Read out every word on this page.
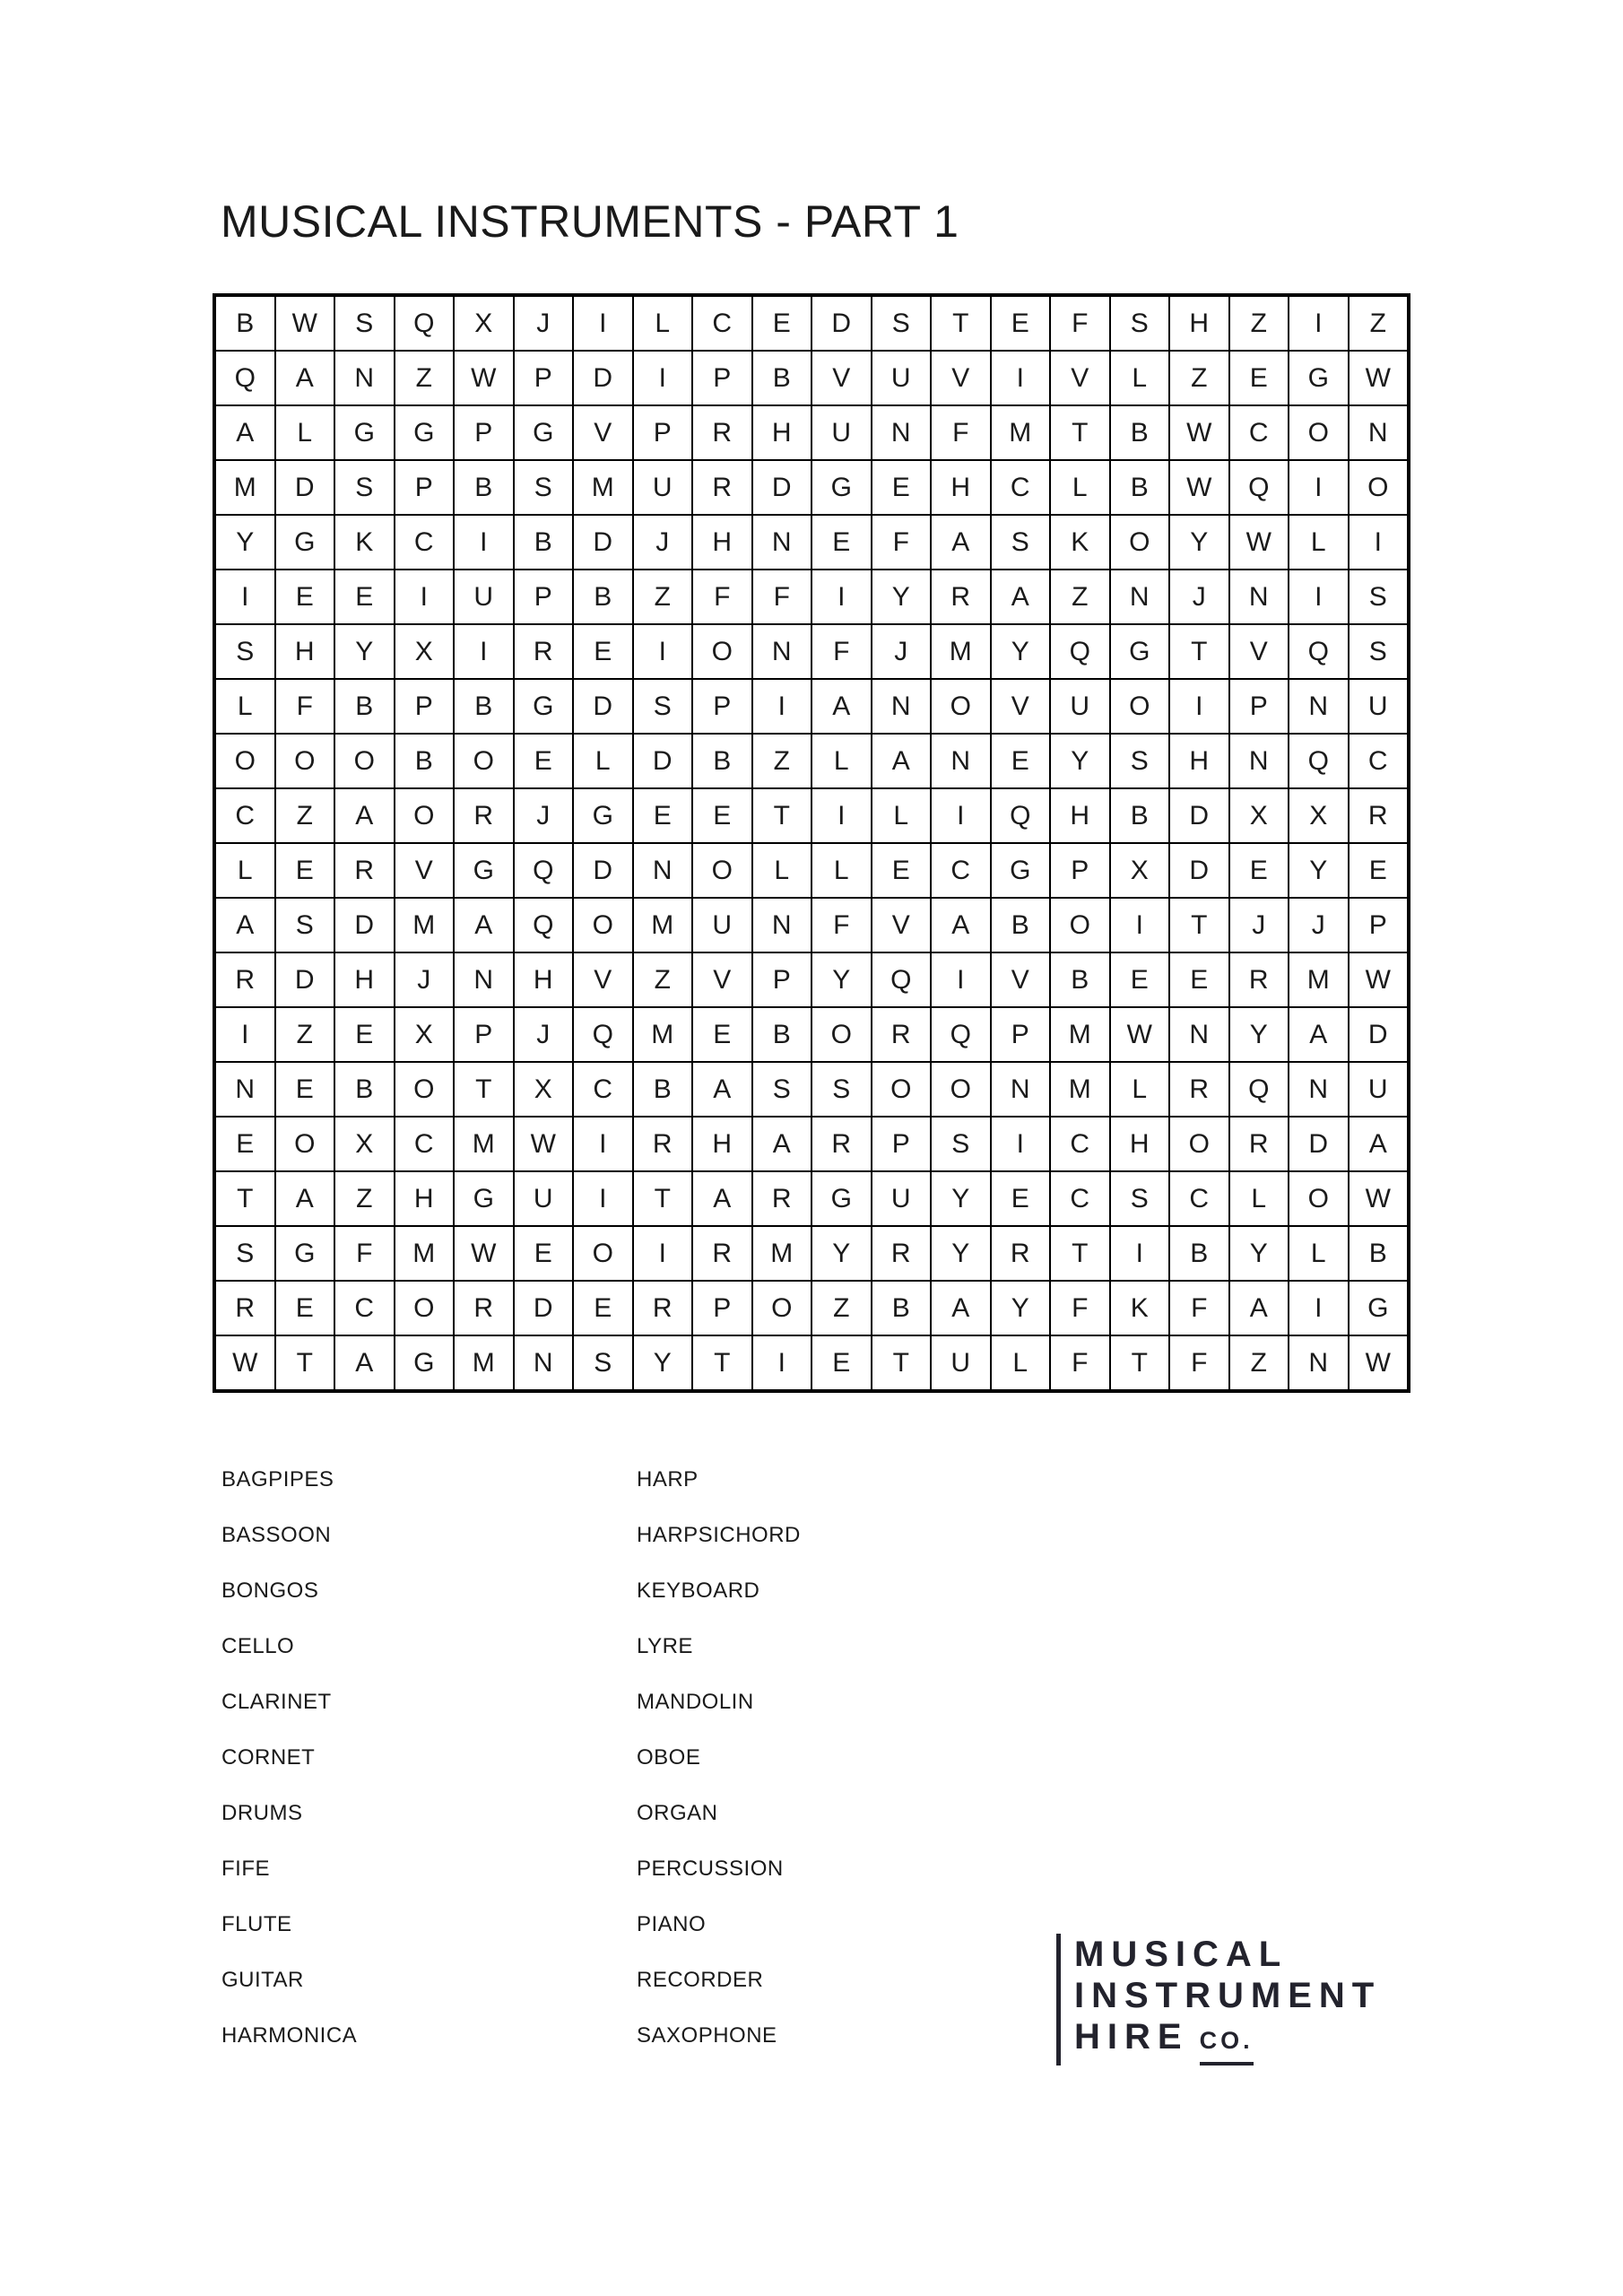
MUSICAL INSTRUMENTS - PART 1
B	W	S	Q	X	J	I	L	C	E	D	S	T	E	F	S	H	Z	I	Z
Q	A	N	Z	W	P	D	I	P	B	V	U	V	I	V	L	Z	E	G	W
A	L	G	G	P	G	V	P	R	H	U	N	F	M	T	B	W	C	O	N
M	D	S	P	B	S	M	U	R	D	G	E	H	C	L	B	W	Q	I	O
Y	G	K	C	I	B	D	J	H	N	E	F	A	S	K	O	Y	W	L	I
I	E	E	I	U	P	B	Z	F	F	I	Y	R	A	Z	N	J	N	I	S
S	H	Y	X	I	R	E	I	O	N	F	J	M	Y	Q	G	T	V	Q	S
L	F	B	P	B	G	D	S	P	I	A	N	O	V	U	O	I	P	N	U
O	O	O	B	O	E	L	D	B	Z	L	A	N	E	Y	S	H	N	Q	C
C	Z	A	O	R	J	G	E	E	T	I	L	I	Q	H	B	D	X	X	R
L	E	R	V	G	Q	D	N	O	L	L	E	C	G	P	X	D	E	Y	E
A	S	D	M	A	Q	O	M	U	N	F	V	A	B	O	I	T	J	J	P
R	D	H	J	N	H	V	Z	V	P	Y	Q	I	V	B	E	E	R	M	W
I	Z	E	X	P	J	Q	M	E	B	O	R	Q	P	M	W	N	Y	A	D
N	E	B	O	T	X	C	B	A	S	S	O	O	N	M	L	R	Q	N	U
E	O	X	C	M	W	I	R	H	A	R	P	S	I	C	H	O	R	D	A
T	A	Z	H	G	U	I	T	A	R	G	U	Y	E	C	S	C	L	O	W
S	G	F	M	W	E	O	I	R	M	Y	R	Y	R	T	I	B	Y	L	B
R	E	C	O	R	D	E	R	P	O	Z	B	A	Y	F	K	F	A	I	G
W	T	A	G	M	N	S	Y	T	I	E	T	U	L	F	T	F	Z	N	W
BAGPIPES
BASSOON
BONGOS
CELLO
CLARINET
CORNET
DRUMS
FIFE
FLUTE
GUITAR
HARMONICA
HARP
HARPSICHORD
KEYBOARD
LYRE
MANDOLIN
OBOE
ORGAN
PERCUSSION
PIANO
RECORDER
SAXOPHONE
MUSICAL
INSTRUMENT
HIRE CO.
